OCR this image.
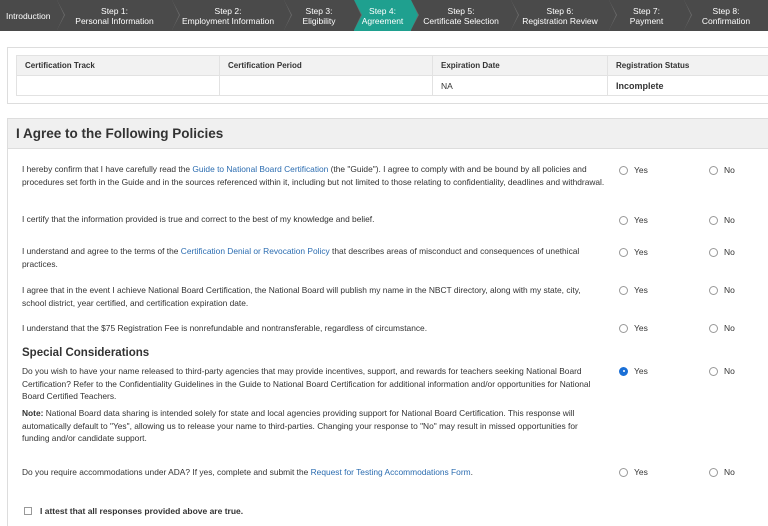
Introduction	Step 1:
Personal Information
Step 2:
Employment Information
Step 3:
Eligibility
Step 4:
Agreement
Step 5:
Certificate Selection
Step 6:
Registration Review
Step 7:
Payment
Step 8:
Confirmation
Certification Track	Certification Period	Expiration Date	Registration Status
		NA	Incomplete
I Agree to the Following Policies
I hereby confirm that I have carefully read the Guide to National Board Certification (the "Guide"). I agree to comply with and be bound by all policies and procedures set forth in the Guide and in the sources referenced within it, including but not limited to those relating to confidentiality, deadlines and withdrawal.
Yes	No
I certify that the information provided is true and correct to the best of my knowledge and belief.	Yes	No
I understand and agree to the terms of the Certification Denial or Revocation Policy that describes areas of misconduct and consequences of unethical practices.
Yes	No
I agree that in the event I achieve National Board Certification, the National Board will publish my name in the NBCT directory, along with my state, city, school district, year certified, and certification expiration date.
Yes	No
I understand that the $75 Registration Fee is nonrefundable and nontransferable, regardless of circumstance.	Yes	No
Special Considerations
Do you wish to have your name released to third-party agencies that may provide incentives, support, and rewards for teachers seeking National Board Certification? Refer to the Confidentiality Guidelines in the Guide to National Board Certification for additional information and/or opportunities for National Board Certified Teachers.
Yes	No
Note: National Board data sharing is intended solely for state and local agencies providing support for National Board Certification. This response will automatically default to "Yes", allowing us to release your name to third-parties. Changing your response to "No" may result in missed opportunities for funding and/or candidate support.
Do you require accommodations under ADA? If yes, complete and submit the Request for Testing Accommodations Form.	Yes	No
I attest that all responses provided above are true.
